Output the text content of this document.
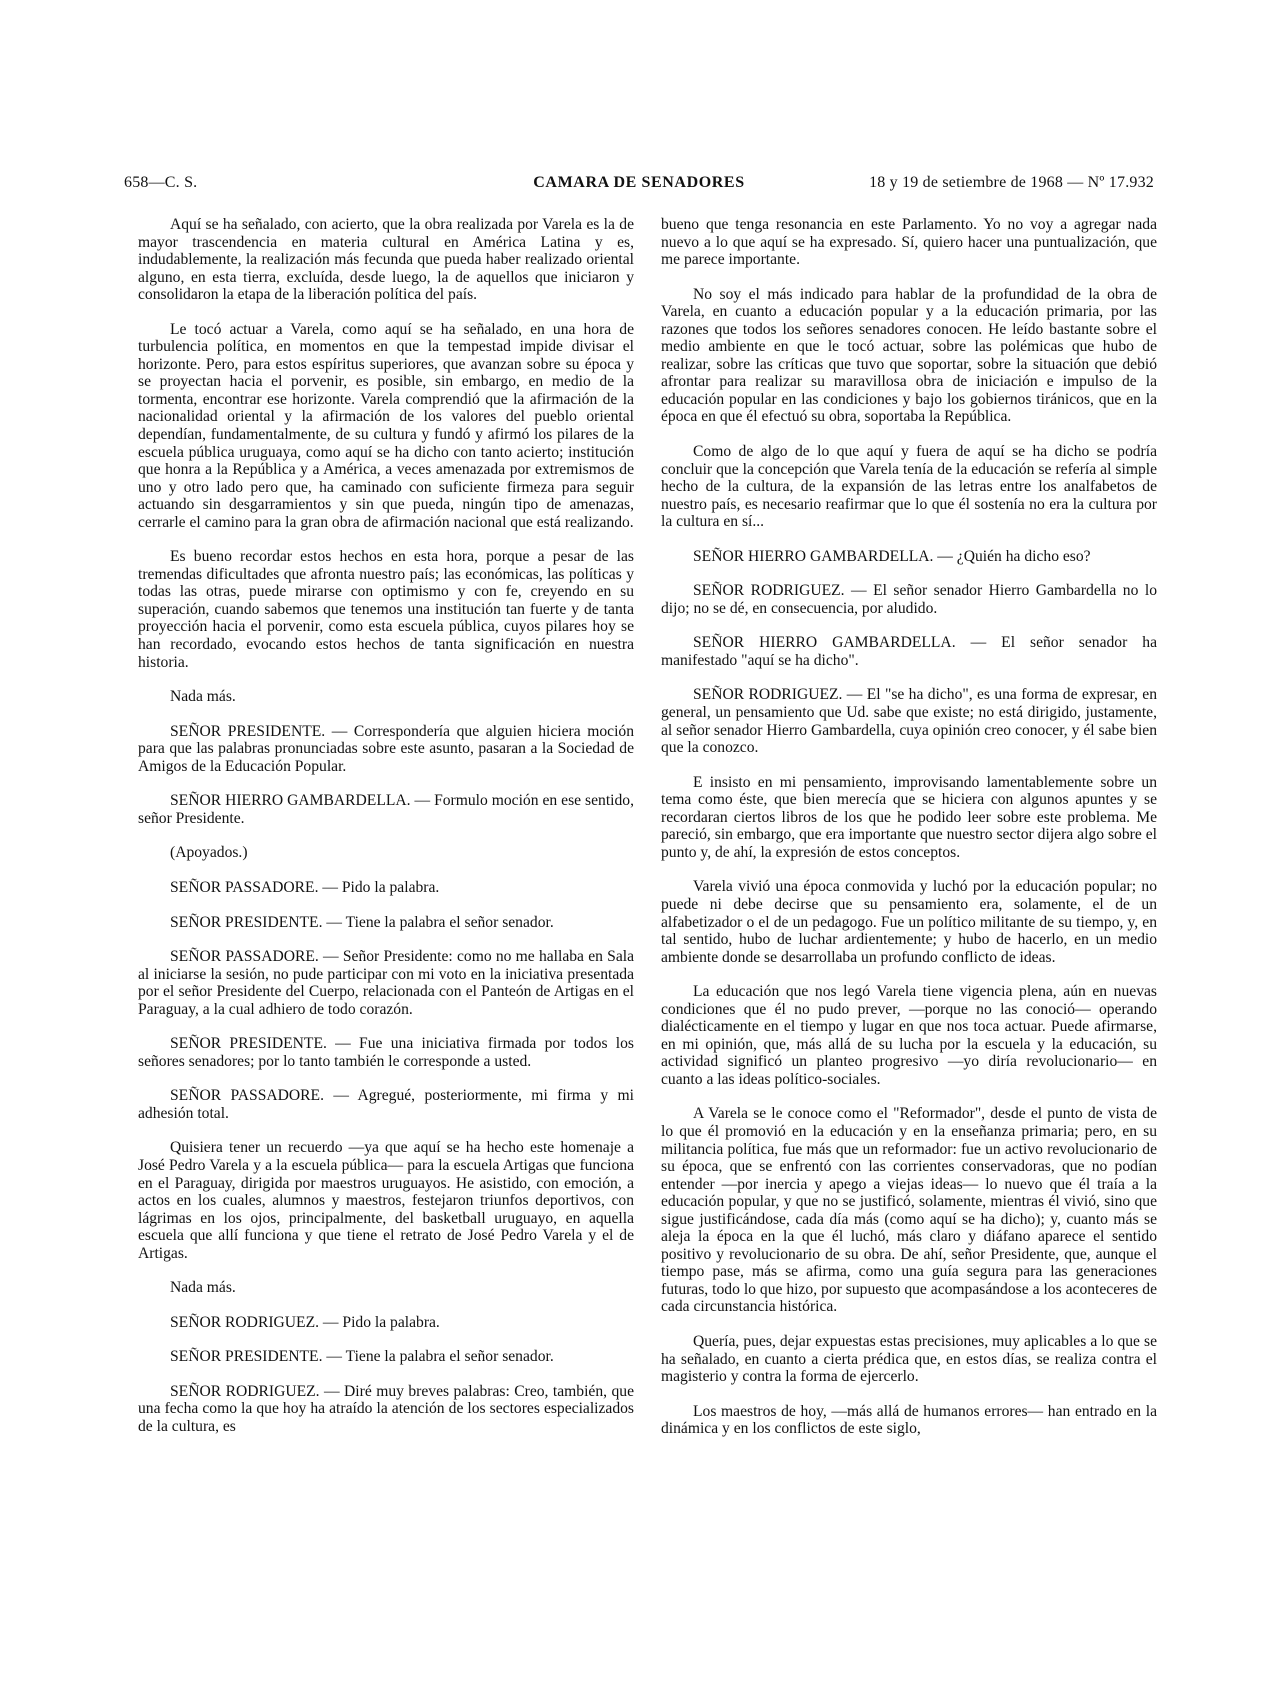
658—C. S.	CAMARA DE SENADORES	18 y 19 de setiembre de 1968 — Nº 17.932

Aquí se ha señalado, con acierto, que la obra realizada por Varela es la de mayor trascendencia en materia cultural en América Latina y es, indudablemente, la realización más fecunda que pueda haber realizado oriental alguno, en esta tierra, excluída, desde luego, la de aquellos que iniciaron y consolidaron la etapa de la liberación política del país.

Le tocó actuar a Varela, como aquí se ha señalado, en una hora de turbulencia política, en momentos en que la tempestad impide divisar el horizonte. Pero, para estos espíritus superiores, que avanzan sobre su época y se proyectan hacia el porvenir, es posible, sin embargo, en medio de la tormenta, encontrar ese horizonte. Varela comprendió que la afirmación de la nacionalidad oriental y la afirmación de los valores del pueblo oriental dependían, fundamentalmente, de su cultura y fundó y afirmó los pilares de la escuela pública uruguaya, como aquí se ha dicho con tanto acierto; institución que honra a la República y a América, a veces amenazada por extremismos de uno y otro lado pero que, ha caminado con suficiente firmeza para seguir actuando sin desgarramientos y sin que pueda, ningún tipo de amenazas, cerrarle el camino para la gran obra de afirmación nacional que está realizando.

Es bueno recordar estos hechos en esta hora, porque a pesar de las tremendas dificultades que afronta nuestro país; las económicas, las políticas y todas las otras, puede mirarse con optimismo y con fe, creyendo en su superación, cuando sabemos que tenemos una institución tan fuerte y de tanta proyección hacia el porvenir, como esta escuela pública, cuyos pilares hoy se han recordado, evocando estos hechos de tanta significación en nuestra historia.

Nada más.

SEÑOR PRESIDENTE. — Correspondería que alguien hiciera moción para que las palabras pronunciadas sobre este asunto, pasaran a la Sociedad de Amigos de la Educación Popular.

SEÑOR HIERRO GAMBARDELLA. — Formulo moción en ese sentido, señor Presidente.

(Apoyados.)

SEÑOR PASSADORE. — Pido la palabra.

SEÑOR PRESIDENTE. — Tiene la palabra el señor senador.

SEÑOR PASSADORE. — Señor Presidente: como no me hallaba en Sala al iniciarse la sesión, no pude participar con mi voto en la iniciativa presentada por el señor Presidente del Cuerpo, relacionada con el Panteón de Artigas en el Paraguay, a la cual adhiero de todo corazón.

SEÑOR PRESIDENTE. — Fue una iniciativa firmada por todos los señores senadores; por lo tanto también le corresponde a usted.

SEÑOR PASSADORE. — Agregué, posteriormente, mi firma y mi adhesión total.

Quisiera tener un recuerdo —ya que aquí se ha hecho este homenaje a José Pedro Varela y a la escuela pública— para la escuela Artigas que funciona en el Paraguay, dirigida por maestros uruguayos. He asistido, con emoción, a actos en los cuales, alumnos y maestros, festejaron triunfos deportivos, con lágrimas en los ojos, principalmente, del basketball uruguayo, en aquella escuela que allí funciona y que tiene el retrato de José Pedro Varela y el de Artigas.

Nada más.

SEÑOR RODRIGUEZ. — Pido la palabra.

SEÑOR PRESIDENTE. — Tiene la palabra el señor senador.

SEÑOR RODRIGUEZ. — Diré muy breves palabras: Creo, también, que una fecha como la que hoy ha atraído la atención de los sectores especializados de la cultura, es

bueno que tenga resonancia en este Parlamento. Yo no voy a agregar nada nuevo a lo que aquí se ha expresado. Sí, quiero hacer una puntualización, que me parece importante.

No soy el más indicado para hablar de la profundidad de la obra de Varela, en cuanto a educación popular y a la educación primaria, por las razones que todos los señores senadores conocen. He leído bastante sobre el medio ambiente en que le tocó actuar, sobre las polémicas que hubo de realizar, sobre las críticas que tuvo que soportar, sobre la situación que debió afrontar para realizar su maravillosa obra de iniciación e impulso de la educación popular en las condiciones y bajo los gobiernos tiránicos, que en la época en que él efectuó su obra, soportaba la República.

Como de algo de lo que aquí y fuera de aquí se ha dicho se podría concluir que la concepción que Varela tenía de la educación se refería al simple hecho de la cultura, de la expansión de las letras entre los analfabetos de nuestro país, es necesario reafirmar que lo que él sostenía no era la cultura por la cultura en sí...

SEÑOR HIERRO GAMBARDELLA. — ¿Quién ha dicho eso?

SEÑOR RODRIGUEZ. — El señor senador Hierro Gambardella no lo dijo; no se dé, en consecuencia, por aludido.

SEÑOR HIERRO GAMBARDELLA. — El señor senador ha manifestado "aquí se ha dicho".

SEÑOR RODRIGUEZ. — El "se ha dicho", es una forma de expresar, en general, un pensamiento que Ud. sabe que existe; no está dirigido, justamente, al señor senador Hierro Gambardella, cuya opinión creo conocer, y él sabe bien que la conozco.

E insisto en mi pensamiento, improvisando lamentablemente sobre un tema como éste, que bien merecía que se hiciera con algunos apuntes y se recordaran ciertos libros de los que he podido leer sobre este problema. Me pareció, sin embargo, que era importante que nuestro sector dijera algo sobre el punto y, de ahí, la expresión de estos conceptos.

Varela vivió una época conmovida y luchó por la educación popular; no puede ni debe decirse que su pensamiento era, solamente, el de un alfabetizador o el de un pedagogo. Fue un político militante de su tiempo, y, en tal sentido, hubo de luchar ardientemente; y hubo de hacerlo, en un medio ambiente donde se desarrollaba un profundo conflicto de ideas.

La educación que nos legó Varela tiene vigencia plena, aún en nuevas condiciones que él no pudo prever, —porque no las conoció— operando dialécticamente en el tiempo y lugar en que nos toca actuar. Puede afirmarse, en mi opinión, que, más allá de su lucha por la escuela y la educación, su actividad significó un planteo progresivo —yo diría revolucionario— en cuanto a las ideas político-sociales.

A Varela se le conoce como el "Reformador", desde el punto de vista de lo que él promovió en la educación y en la enseñanza primaria; pero, en su militancia política, fue más que un reformador: fue un activo revolucionario de su época, que se enfrentó con las corrientes conservadoras, que no podían entender —por inercia y apego a viejas ideas— lo nuevo que él traía a la educación popular, y que no se justificó, solamente, mientras él vivió, sino que sigue justificándose, cada día más (como aquí se ha dicho); y, cuanto más se aleja la época en la que él luchó, más claro y diáfano aparece el sentido positivo y revolucionario de su obra. De ahí, señor Presidente, que, aunque el tiempo pase, más se afirma, como una guía segura para las generaciones futuras, todo lo que hizo, por supuesto que acompasándose a los aconteceres de cada circunstancia histórica.

Quería, pues, dejar expuestas estas precisiones, muy aplicables a lo que se ha señalado, en cuanto a cierta prédica que, en estos días, se realiza contra el magisterio y contra la forma de ejercerlo.

Los maestros de hoy, —más allá de humanos errores— han entrado en la dinámica y en los conflictos de este siglo,
